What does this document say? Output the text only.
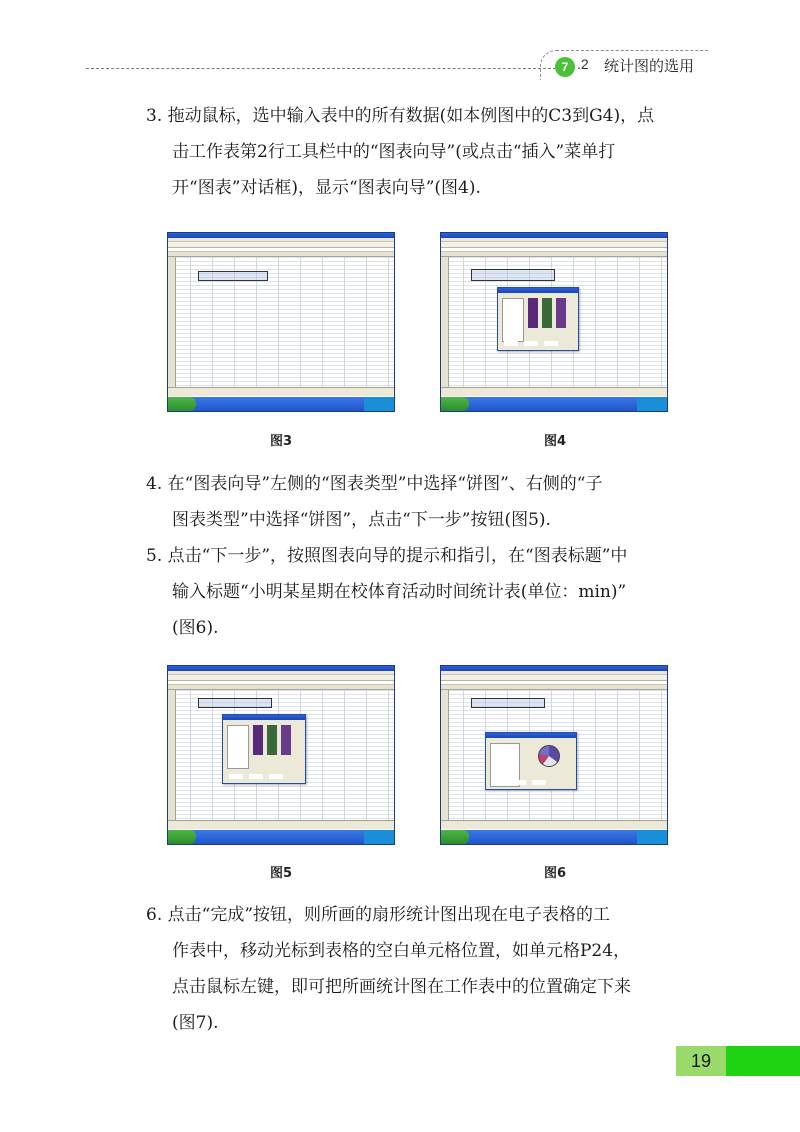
7 .2 统计图的选用
3. 拖动鼠标，选中输入表中的所有数据(如本例图中的C3到G4)，点
击工作表第2行工具栏中的“图表向导”(或点击“插入”菜单打
开“图表”对话框)，显示“图表向导”(图4).
图3	图4
4. 在“图表向导”左侧的“图表类型”中选择“饼图”、右侧的“子
图表类型”中选择“饼图”，点击“下一步”按钮(图5).
5. 点击“下一步”，按照图表向导的提示和指引，在“图表标题”中
输入标题“小明某星期在校体育活动时间统计表(单位：min)”
(图6).
图5	图6
6. 点击“完成”按钮，则所画的扇形统计图出现在电子表格的工
作表中，移动光标到表格的空白单元格位置，如单元格P24，
点击鼠标左键，即可把所画统计图在工作表中的位置确定下来
(图7).
19
